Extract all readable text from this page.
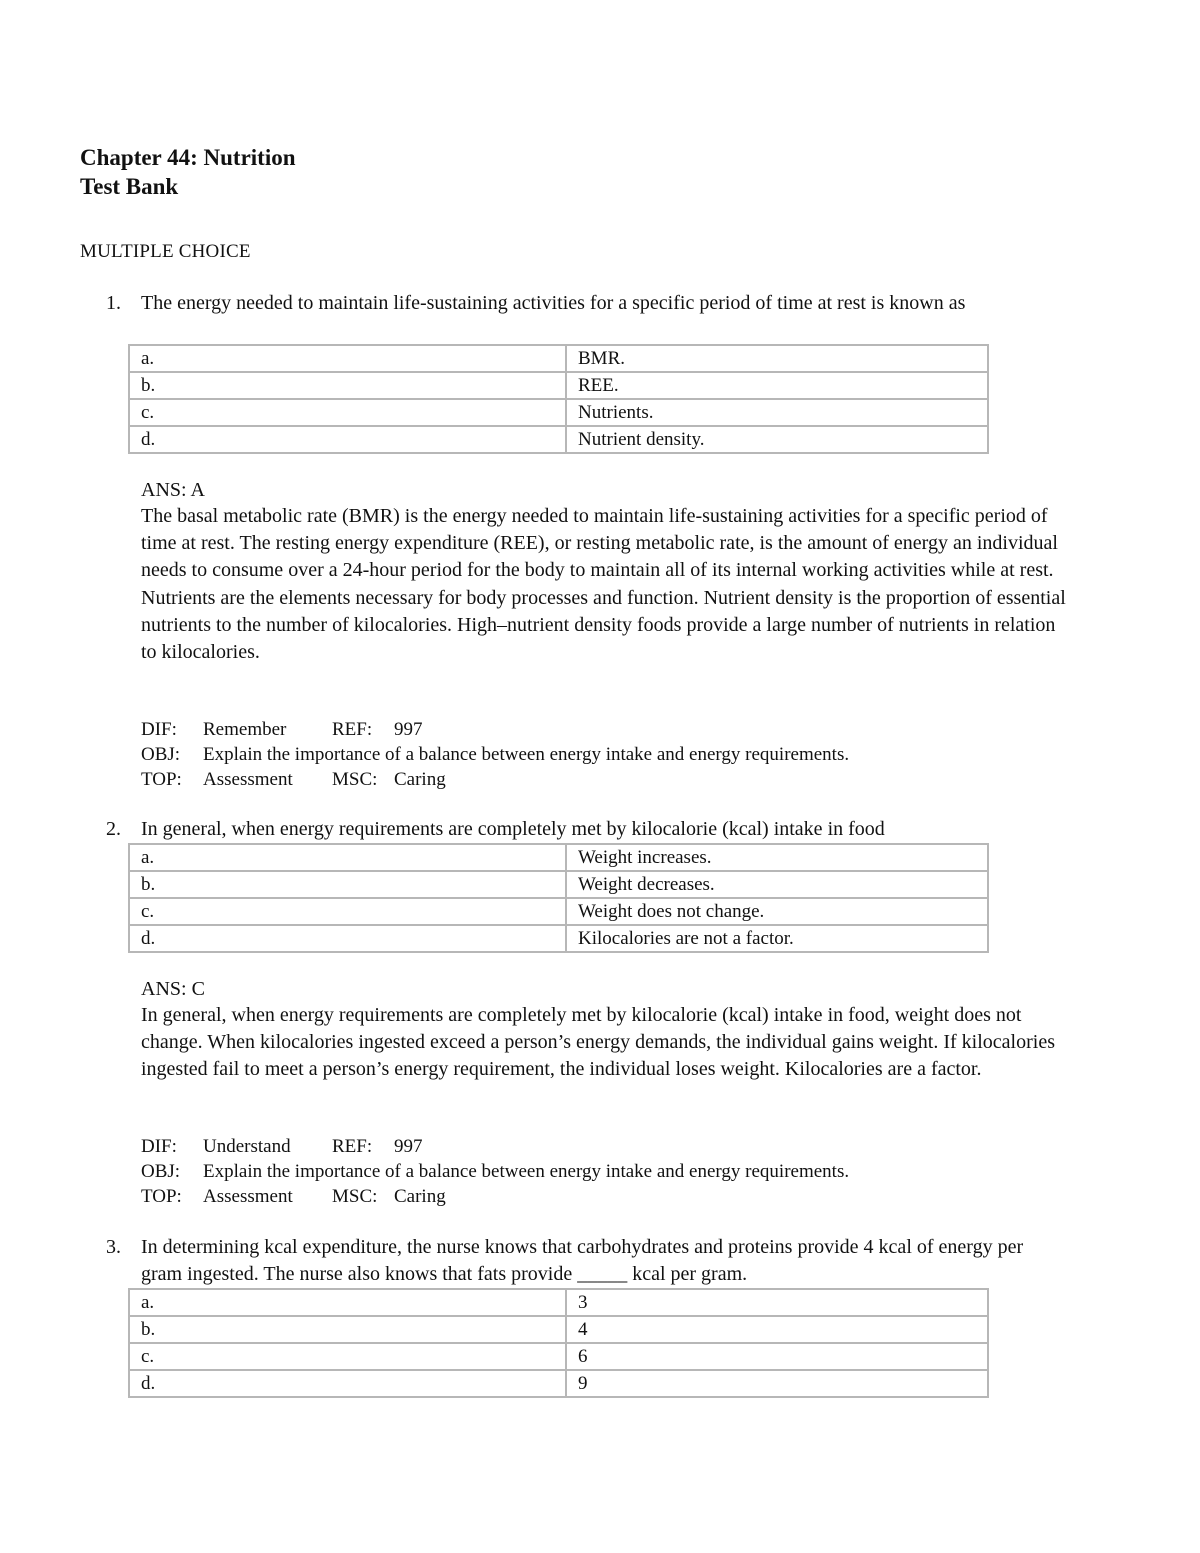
Chapter 44: Nutrition
Test Bank
MULTIPLE CHOICE
1.	The energy needed to maintain life-sustaining activities for a specific period of time at rest is known as
a.	BMR.
b.	REE.
c.	Nutrients.
d.	Nutrient density.
ANS: A
The basal metabolic rate (BMR) is the energy needed to maintain life-sustaining activities for a specific period of time at rest. The resting energy expenditure (REE), or resting metabolic rate, is the amount of energy an individual needs to consume over a 24-hour period for the body to maintain all of its internal working activities while at rest. Nutrients are the elements necessary for body processes and function. Nutrient density is the proportion of essential nutrients to the number of kilocalories. High–nutrient density foods provide a large number of nutrients in relation to kilocalories.
DIF: Remember REF: 997
OBJ: Explain the importance of a balance between energy intake and energy requirements.
TOP: Assessment MSC: Caring
2.	In general, when energy requirements are completely met by kilocalorie (kcal) intake in food
a.	Weight increases.
b.	Weight decreases.
c.	Weight does not change.
d.	Kilocalories are not a factor.
ANS: C
In general, when energy requirements are completely met by kilocalorie (kcal) intake in food, weight does not change. When kilocalories ingested exceed a person’s energy demands, the individual gains weight. If kilocalories ingested fail to meet a person’s energy requirement, the individual loses weight. Kilocalories are a factor.
DIF: Understand REF: 997
OBJ: Explain the importance of a balance between energy intake and energy requirements.
TOP: Assessment MSC: Caring
3.	In determining kcal expenditure, the nurse knows that carbohydrates and proteins provide 4 kcal of energy per gram ingested. The nurse also knows that fats provide _____ kcal per gram.
a.	3
b.	4
c.	6
d.	9
